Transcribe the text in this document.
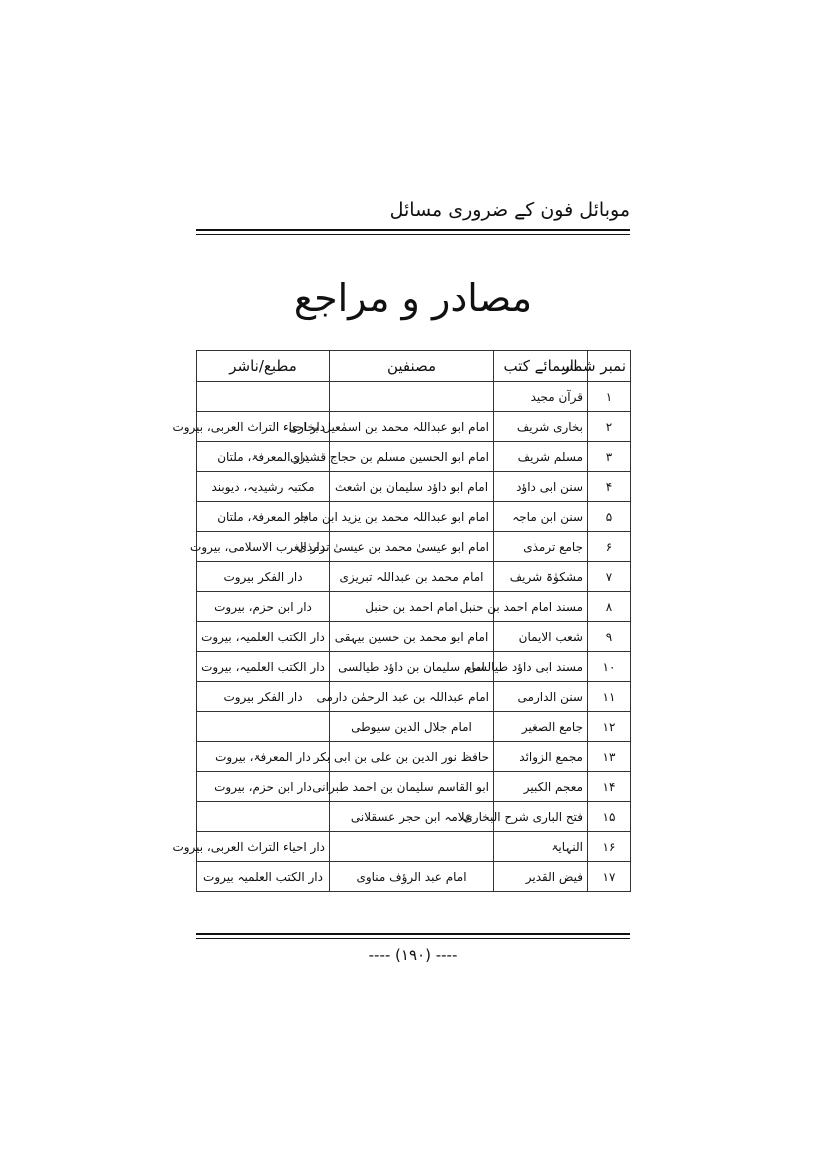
موبائل فون کے ضروری مسائل
مصادر و مراجع
نمبر شمار	اسمائے کتب	مصنفین	مطبع/ناشر
۱	قرآن مجید		
۲	بخاری شریف	امام ابو عبداللہ محمد بن اسمٰعیل بخاری	دار احیاء التراث العربی، بیروت
۳	مسلم شریف	امام ابو الحسین مسلم بن حجاج قشیری	دار المعرفۃ، ملتان
۴	سنن ابی داؤد	امام ابو داؤد سلیمان بن اشعث	مکتبہ رشیدیہ، دیوبند
۵	سنن ابن ماجہ	امام ابو عبداللہ محمد بن یزید ابن ماجہ	دار المعرفۃ، ملتان
۶	جامع ترمذی	امام ابو عیسیٰ محمد بن عیسیٰ ترمذی	دار الغرب الاسلامی، بیروت
۷	مشکوٰۃ شریف	امام محمد بن عبداللہ تبریزی	دار الفکر بیروت
۸	مسند امام احمد بن حنبل	امام احمد بن حنبل	دار ابن حزم، بیروت
۹	شعب الایمان	امام ابو محمد بن حسین بیہقی	دار الکتب العلمیہ، بیروت
۱۰	مسند ابی داؤد طیالسی	امام سلیمان بن داؤد طیالسی	دار الکتب العلمیہ، بیروت
۱۱	سنن الدارمی	امام عبداللہ بن عبد الرحمٰن دارمی	دار الفکر بیروت
۱۲	جامع الصغیر	امام جلال الدین سیوطی	
۱۳	مجمع الزوائد	حافظ نور الدین بن علی بن ابی بکر	دار المعرفۃ، بیروت
۱۴	معجم الکبیر	ابو القاسم سلیمان بن احمد طبرانی	دار ابن حزم، بیروت
۱۵	فتح الباری شرح البخاری	علامہ ابن حجر عسقلانی	
۱۶	النہایۃ		دار احیاء التراث العربی، بیروت
۱۷	فیض القدیر	امام عبد الرؤف مناوی	دار الکتب العلمیہ بیروت
---- (۱۹۰) ----
